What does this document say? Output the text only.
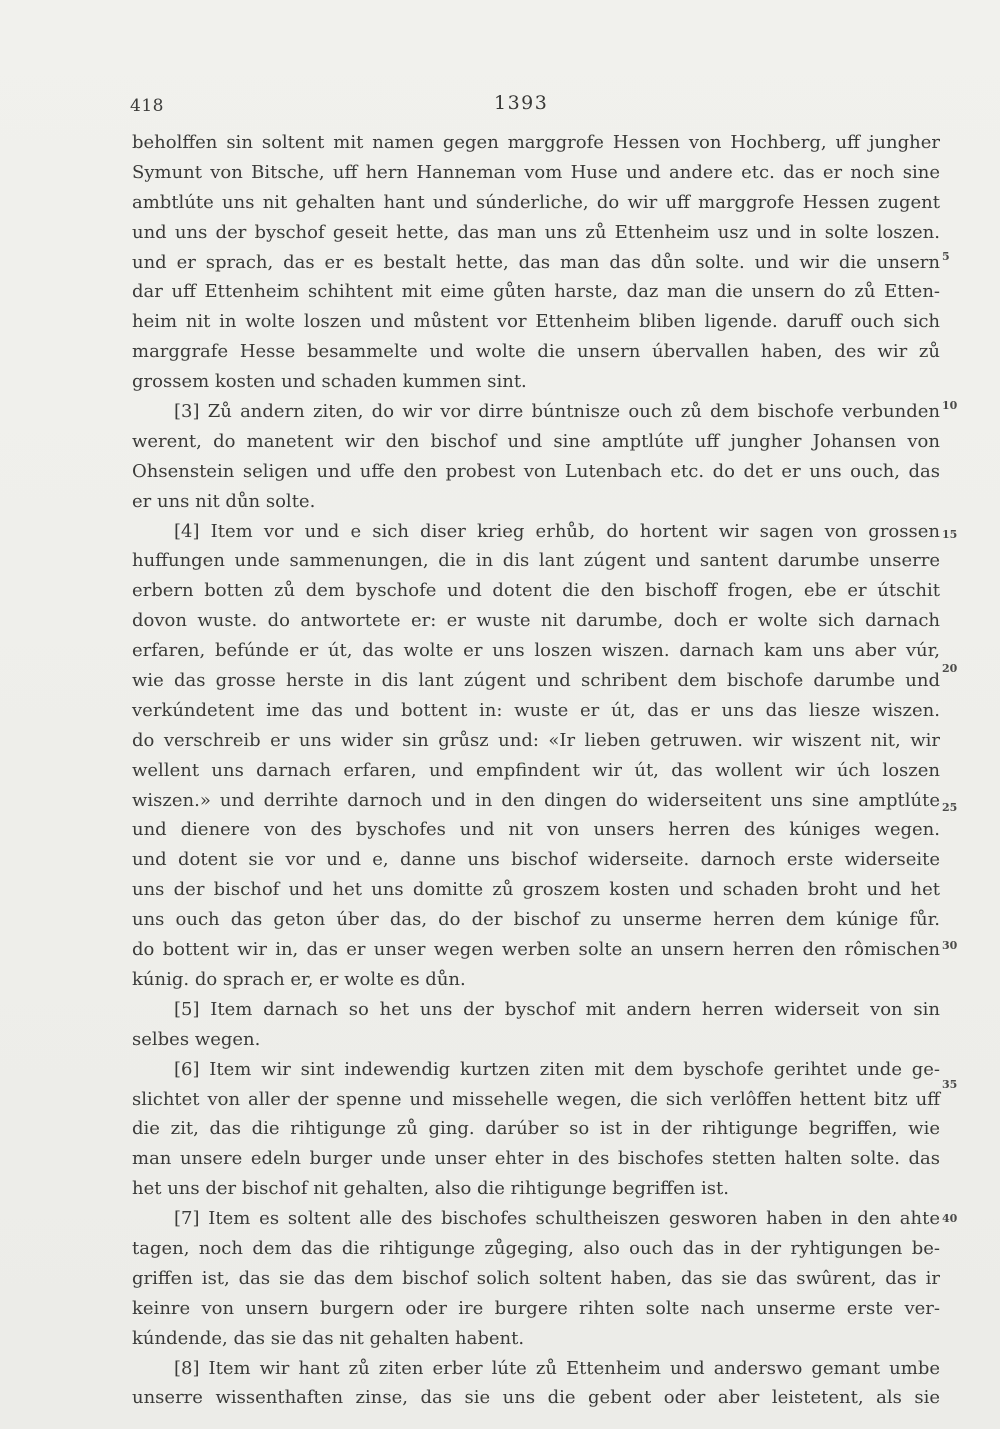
418	1393
beholffen sin soltent mit namen gegen marggrofe Hessen von Hochberg, uff jungher
Symunt von Bitsche, uff hern Hanneman vom Huse und andere etc. das er noch sine
ambtlúte uns nit gehalten hant und súnderliche, do wir uff marggrofe Hessen zugent
und uns der byschof geseit hette, das man uns zů Ettenheim usz und in solte loszen.
und er sprach, das er es bestalt hette, das man das důn solte. und wir die unsern
dar uff Ettenheim schihtent mit eime gůten harste, daz man die unsern do zů Etten-
heim nit in wolte loszen und můstent vor Ettenheim bliben ligende. daruff ouch sich
marggrafe Hesse besammelte und wolte die unsern úbervallen haben, des wir zů
grossem kosten und schaden kummen sint.
[3] Zů andern ziten, do wir vor dirre búntnisze ouch zů dem bischofe verbunden
werent, do manetent wir den bischof und sine amptlúte uff jungher Johansen von
Ohsenstein seligen und uffe den probest von Lutenbach etc. do det er uns ouch, das
er uns nit důn solte.
[4] Item vor und e sich diser krieg erhůb, do hortent wir sagen von grossen
huffungen unde sammenungen, die in dis lant zúgent und santent darumbe unserre
erbern botten zů dem byschofe und dotent die den bischoff frogen, ebe er útschit
dovon wuste. do antwortete er: er wuste nit darumbe, doch er wolte sich darnach
erfaren, befúnde er út, das wolte er uns loszen wiszen. darnach kam uns aber vúr,
wie das grosse herste in dis lant zúgent und schribent dem bischofe darumbe und
verkúndetent ime das und bottent in: wuste er út, das er uns das liesze wiszen.
do verschreib er uns wider sin grůsz und: «Ir lieben getruwen. wir wiszent nit, wir
wellent uns darnach erfaren, und empfindent wir út, das wollent wir úch loszen
wiszen.» und derrihte darnoch und in den dingen do widerseitent uns sine amptlúte
und dienere von des byschofes und nit von unsers herren des kúniges wegen.
und dotent sie vor und e, danne uns bischof widerseite. darnoch erste widerseite
uns der bischof und het uns domitte zů groszem kosten und schaden broht und het
uns ouch das geton úber das, do der bischof zu unserme herren dem kúnige fůr.
do bottent wir in, das er unser wegen werben solte an unsern herren den rômischen
kúnig. do sprach er, er wolte es důn.
[5] Item darnach so het uns der byschof mit andern herren widerseit von sin
selbes wegen.
[6] Item wir sint indewendig kurtzen ziten mit dem byschofe gerihtet unde ge-
slichtet von aller der spenne und missehelle wegen, die sich verlôffen hettent bitz uff
die zit, das die rihtigunge zů ging. darúber so ist in der rihtigunge begriffen, wie
man unsere edeln burger unde unser ehter in des bischofes stetten halten solte. das
het uns der bischof nit gehalten, also die rihtigunge begriffen ist.
[7] Item es soltent alle des bischofes schultheiszen gesworen haben in den ahte
tagen, noch dem das die rihtigunge zůgeging, also ouch das in der ryhtigungen be-
griffen ist, das sie das dem bischof solich soltent haben, das sie das swûrent, das ir
keinre von unsern burgern oder ire burgere rihten solte nach unserme erste ver-
kúndende, das sie das nit gehalten habent.
[8] Item wir hant zů ziten erber lúte zů Ettenheim und anderswo gemant umbe
unserre wissenthaften zinse, das sie uns die gebent oder aber leistetent, als sie
5
10
15
20
25
30
35
40
